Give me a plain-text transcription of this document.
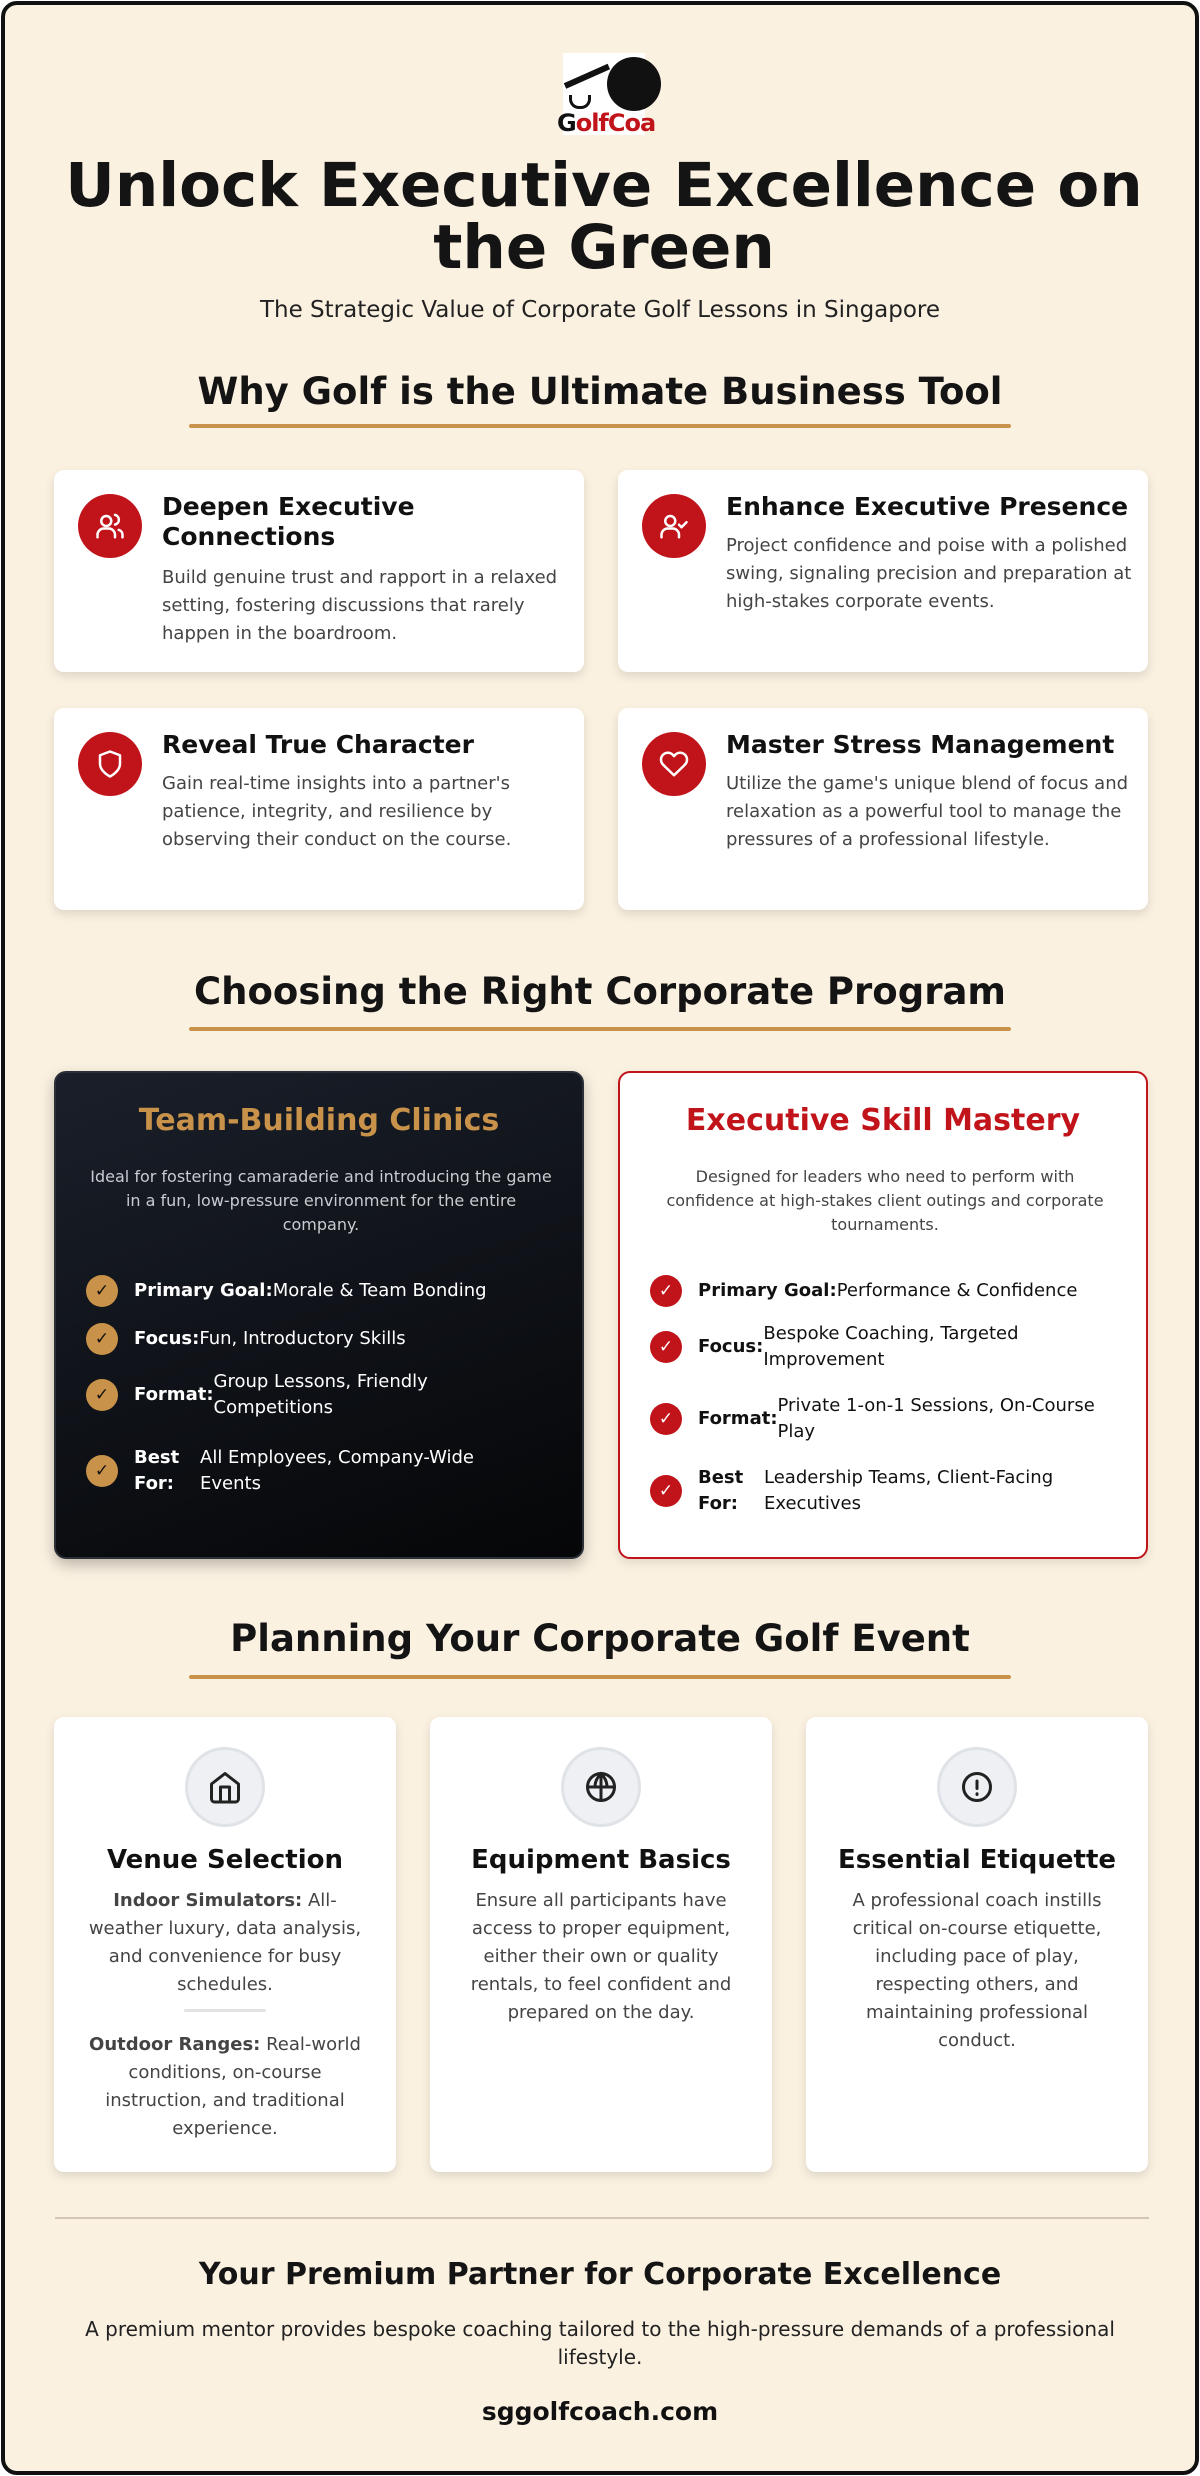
GolfCoa
Unlock Executive Excellence on the Green
The Strategic Value of Corporate Golf Lessons in Singapore
Why Golf is the Ultimate Business Tool
Deepen Executive Connections
Build genuine trust and rapport in a relaxed setting, fostering discussions that rarely happen in the boardroom.
Enhance Executive Presence
Project confidence and poise with a polished swing, signaling precision and preparation at high-stakes corporate events.
Reveal True Character
Gain real-time insights into a partner's patience, integrity, and resilience by observing their conduct on the course.
Master Stress Management
Utilize the game's unique blend of focus and relaxation as a powerful tool to manage the pressures of a professional lifestyle.
Choosing the Right Corporate Program
Team-Building Clinics
Ideal for fostering camaraderie and introducing the game in a fun, low-pressure environment for the entire company.
✓	Primary Goal: Morale & Team Bonding
✓	Focus: Fun, Introductory Skills
✓	Format:
Group Lessons, Friendly Competitions
✓
Best For:
All Employees, Company-Wide Events
Executive Skill Mastery
Designed for leaders who need to perform with confidence at high-stakes client outings and corporate tournaments.
✓	Primary Goal: Performance & Confidence
✓	Focus:
Bespoke Coaching, Targeted Improvement
✓	Format:
Private 1-on-1 Sessions, On-Course Play
✓
Best For:
Leadership Teams, Client-Facing Executives
Planning Your Corporate Golf Event
Venue Selection
Indoor Simulators: All-weather luxury, data analysis, and convenience for busy schedules.
Outdoor Ranges: Real-world conditions, on-course instruction, and traditional experience.
Equipment Basics
Ensure all participants have access to proper equipment, either their own or quality rentals, to feel confident and prepared on the day.
Essential Etiquette
A professional coach instills critical on-course etiquette, including pace of play, respecting others, and maintaining professional conduct.
Your Premium Partner for Corporate Excellence
A premium mentor provides bespoke coaching tailored to the high-pressure demands of a professional lifestyle.
sggolfcoach.com
